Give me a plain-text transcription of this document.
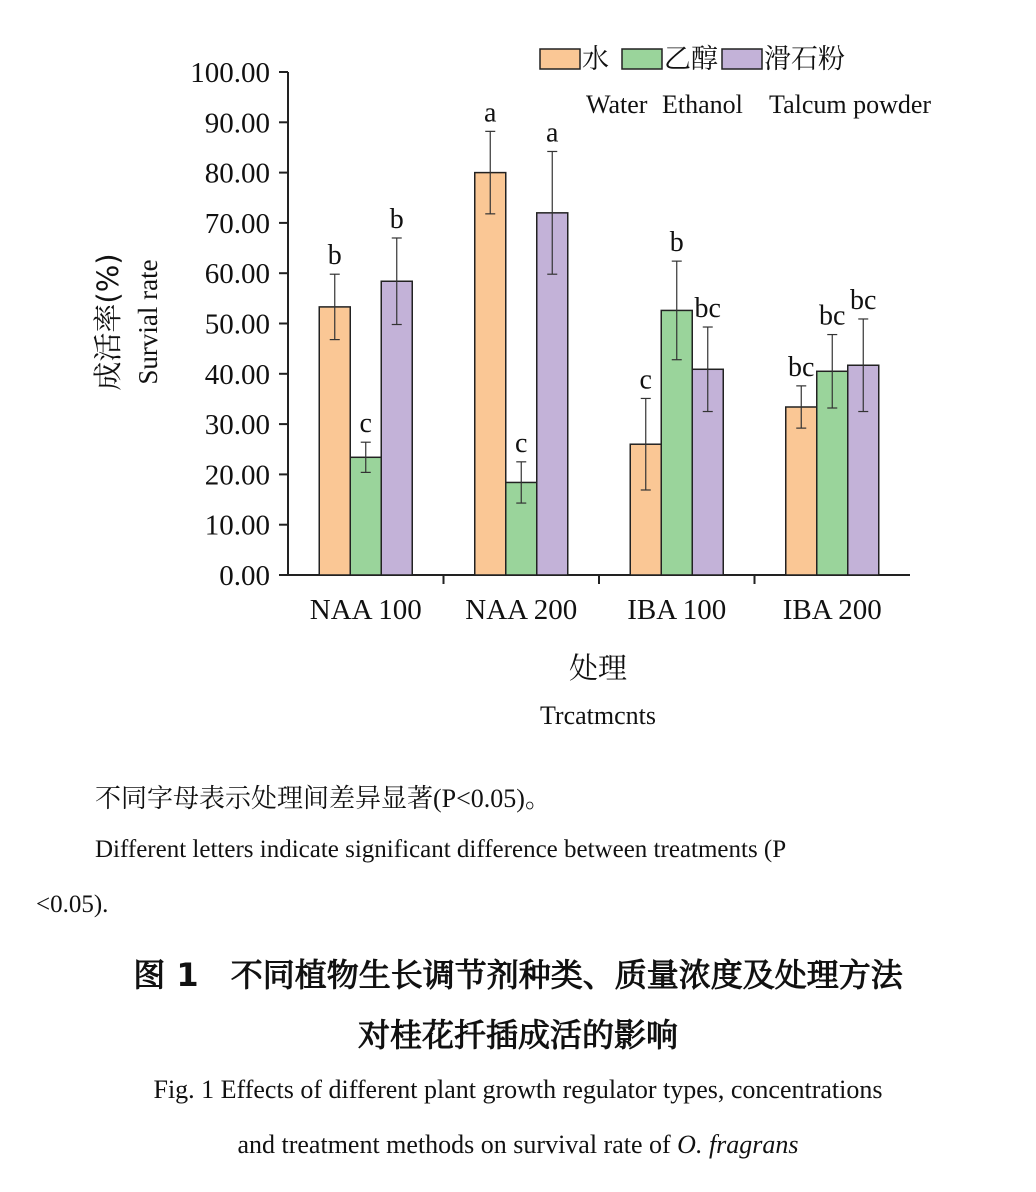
0.00
10.00
20.00
30.00
40.00
50.00
60.00
70.00
80.00
90.00
100.00
b
c
b
a
c
a
c
b
bc
bc
bc
bc
NAA 100 NAA 200 IBA 100 IBA 200
水 乙醇 滑石粉
Water Ethanol Talcum powder
成活率(%) Survial rate
处理
Trcatmcnts
不同字母表示处理间差异显著(P<0.05)。
Different letters indicate significant difference between treatments (P
<0.05).
图 1 不同植物生长调节剂种类、质量浓度及处理方法
对桂花扦插成活的影响
Fig. 1 Effects of different plant growth regulator types, concentrations
and treatment methods on survival rate of O. fragrans
